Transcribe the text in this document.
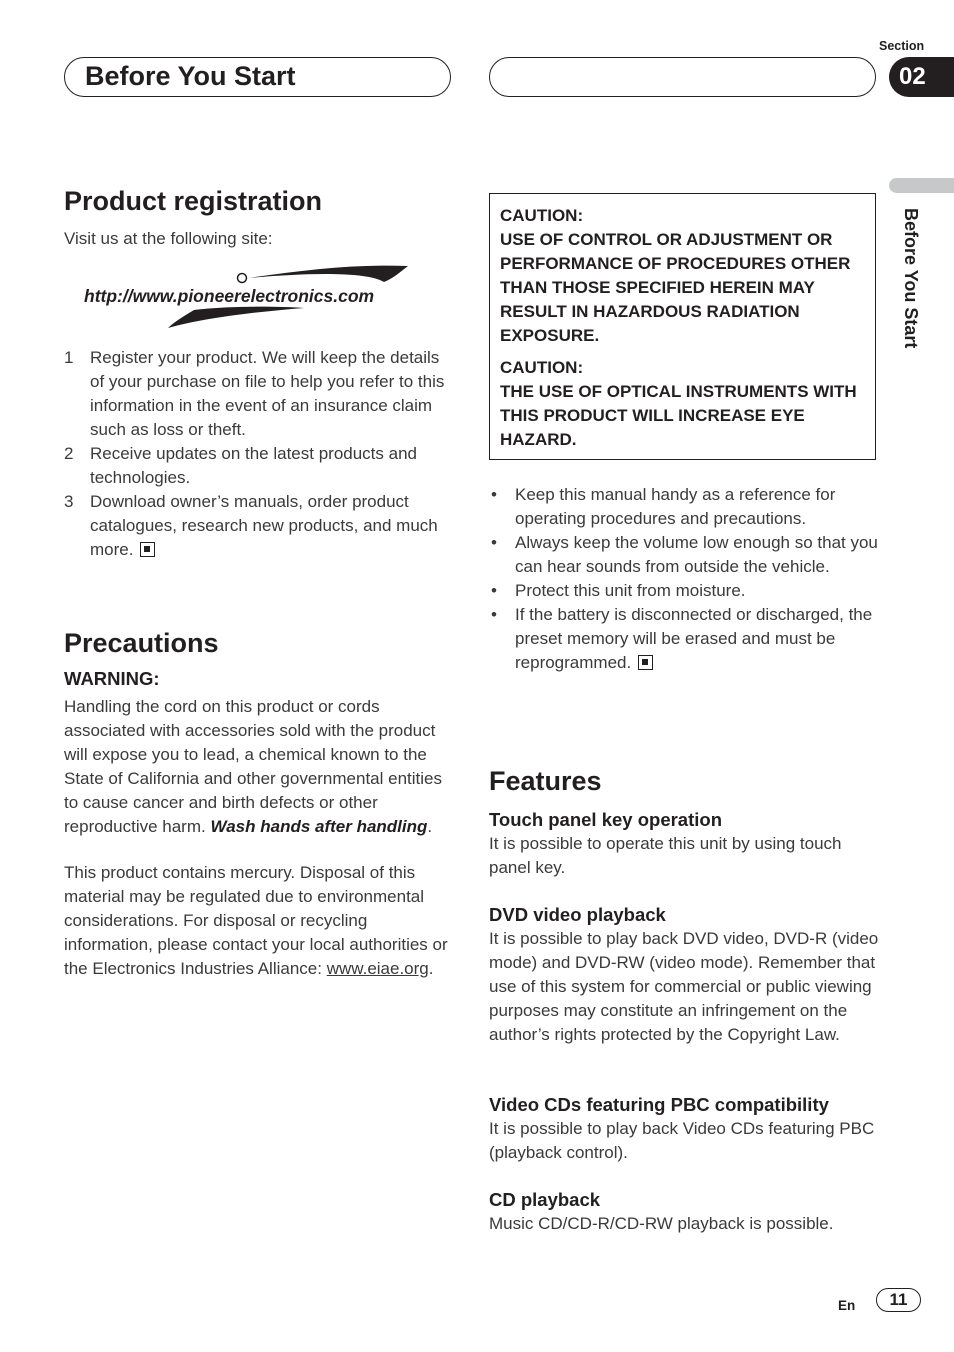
Before You Start
Section
02
Before You Start
Product registration
Visit us at the following site:
http://www.pioneerelectronics.com
1 Register your product. We will keep the details of your purchase on file to help you refer to this information in the event of an insurance claim such as loss or theft.
2 Receive updates on the latest products and technologies.
3 Download owner’s manuals, order product catalogues, research new products, and much more.
Precautions
WARNING:
Handling the cord on this product or cords associated with accessories sold with the product will expose you to lead, a chemical known to the State of California and other governmental entities to cause cancer and birth defects or other reproductive harm. Wash hands after handling.
This product contains mercury. Disposal of this material may be regulated due to environmental considerations. For disposal or recycling information, please contact your local authorities or the Electronics Industries Alliance: www.eiae.org.

CAUTION:
USE OF CONTROL OR ADJUSTMENT OR PERFORMANCE OF PROCEDURES OTHER THAN THOSE SPECIFIED HEREIN MAY RESULT IN HAZARDOUS RADIATION EXPOSURE.

CAUTION:
THE USE OF OPTICAL INSTRUMENTS WITH THIS PRODUCT WILL INCREASE EYE HAZARD.

• Keep this manual handy as a reference for operating procedures and precautions.
• Always keep the volume low enough so that you can hear sounds from outside the vehicle.
• Protect this unit from moisture.
• If the battery is disconnected or discharged, the preset memory will be erased and must be reprogrammed.
Features
Touch panel key operation
It is possible to operate this unit by using touch panel key.
DVD video playback
It is possible to play back DVD video, DVD-R (video mode) and DVD-RW (video mode). Remember that use of this system for commercial or public viewing purposes may constitute an infringement on the author’s rights protected by the Copyright Law.
Video CDs featuring PBC compatibility
It is possible to play back Video CDs featuring PBC (playback control).
CD playback
Music CD/CD-R/CD-RW playback is possible.
En	11
